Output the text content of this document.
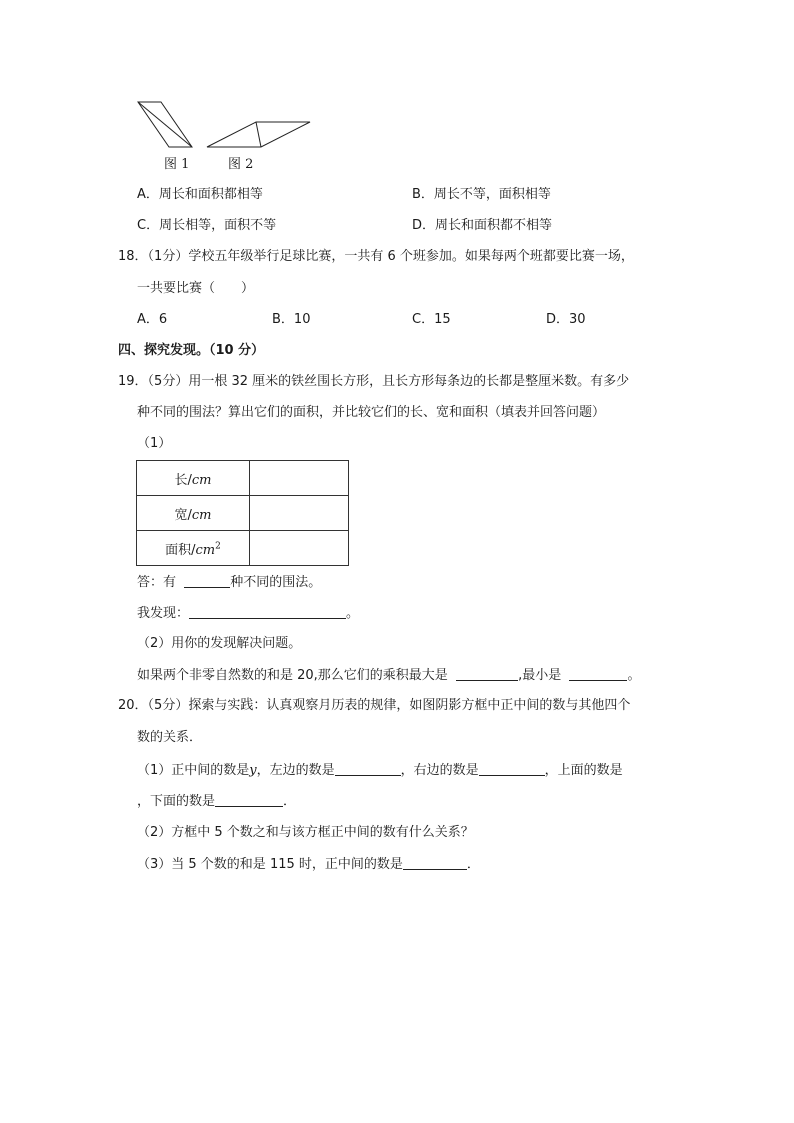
图 1	图 2
A．周长和面积都相等	B．周长不等，面积相等
C．周长相等，面积不等	D．周长和面积都不相等
18．（1分）学校五年级举行足球比赛，一共有 6 个班参加。如果每两个班都要比赛一场，
一共要比赛（　　）
A．6	B．10	C．15	D．30
四、探究发现。（10 分）
19．（5分）用一根 32 厘米的铁丝围长方形，且长方形每条边的长都是整厘米数。有多少
种不同的围法？算出它们的面积，并比较它们的长、宽和面积（填表并回答问题）
（1）
长/cm	
宽/cm	
面积$/cm^2$	
答：有	种不同的围法。
我发现：	。
（2）用你的发现解决问题。
如果两个非零自然数的和是 20,那么它们的乘积最大是	,最小是	。
20．（5分）探索与实践：认真观察月历表的规律，如图阴影方框中正中间的数与其他四个
数的关系．
（1）正中间的数是y，左边的数是	，右边的数是	，上面的数是
，下面的数是	．
（2）方框中 5 个数之和与该方框正中间的数有什么关系？
（3）当 5 个数的和是 115 时，正中间的数是	．
